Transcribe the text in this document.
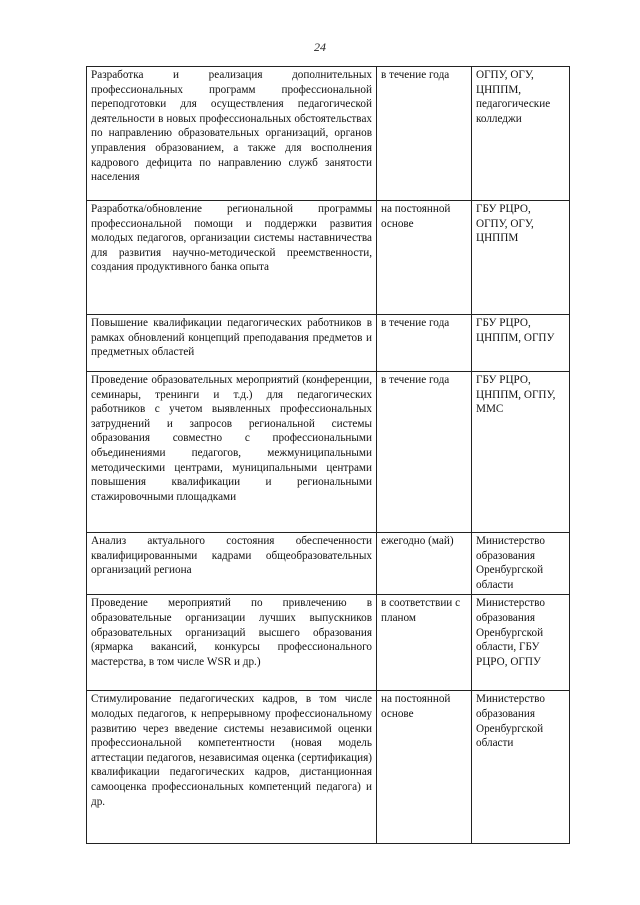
24
Разработка и реализация дополнительных профессиональных программ профессиональной переподготовки для осуществления педагогической деятельности в новых профессиональных обстоятельствах по направлению образовательных организаций, органов управления образованием, а также для восполнения кадрового дефицита по направлению служб занятости населения	в течение года	ОГПУ, ОГУ, ЦНППМ, педагогические колледжи
Разработка/обновление региональной программы профессиональной помощи и поддержки развития молодых педагогов, организации системы наставничества для развития научно-методической преемственности, создания продуктивного банка опыта	на постоянной основе	ГБУ РЦРО, ОГПУ, ОГУ, ЦНППМ
Повышение квалификации педагогических работников в рамках обновлений концепций преподавания предметов и предметных областей	в течение года	ГБУ РЦРО, ЦНППМ, ОГПУ
Проведение образовательных мероприятий (конференции, семинары, тренинги и т.д.) для педагогических работников с учетом выявленных профессиональных затруднений и запросов региональной системы образования совместно с профессиональными объединениями педагогов, межмуниципальными методическими центрами, муниципальными центрами повышения квалификации и региональными стажировочными площадками	в течение года	ГБУ РЦРО, ЦНППМ, ОГПУ, ММС
Анализ актуального состояния обеспеченности квалифицированными кадрами общеобразовательных организаций региона	ежегодно (май)	Министерство образования Оренбургской области
Проведение мероприятий по привлечению в образовательные организации лучших выпускников образовательных организаций высшего образования (ярмарка вакансий, конкурсы профессионального мастерства, в том числе WSR и др.)	в соответствии с планом	Министерство образования Оренбургской области, ГБУ РЦРО, ОГПУ
Стимулирование педагогических кадров, в том числе молодых педагогов, к непрерывному профессиональному развитию через введение системы независимой оценки профессиональной компетентности (новая модель аттестации педагогов, независимая оценка (сертификация) квалификации педагогических кадров, дистанционная самооценка профессиональных компетенций педагога) и др.	на постоянной основе	Министерство образования Оренбургской области
